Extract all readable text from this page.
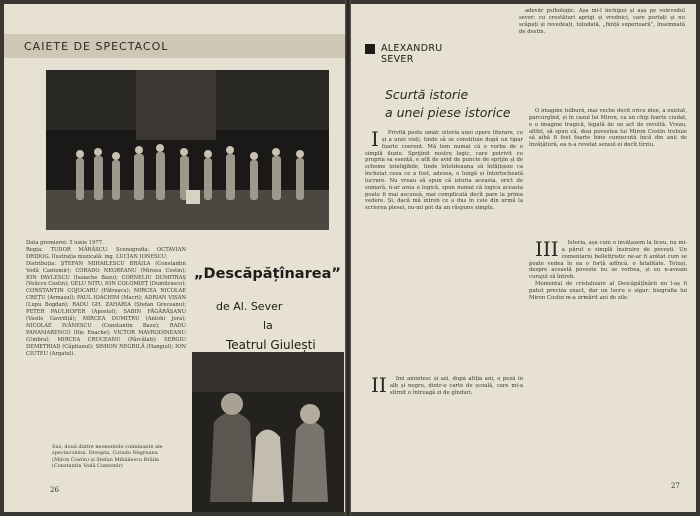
CAIETE DE SPECTACOL

Data premierei: 5 iunie 1977.

Regia: TUDOR MĂRĂSCU. Scenografia: OCTAVIAN DRIDOG. Ilustrația muzicală: ing. LUCIAN IONESCU.

Distribuția: ȘTEFAN MIHAILESCU BRĂILA (Constantin Vodă Cantemir); CORADO NEGREANU (Mireea Costin); ION PAVLESCU (Isaiache Bazu); CORNELIU DUMITRAȘ (Velicco Costin); GELU NIȚU, ION COLOMIEȚ (Dumitrasco); CONSTANTIN COJOCARU (Pătrașcu); MIRCEA NICOLAE CREȚU (Armașul); PAUL IOACHIM (Macri); ADRIAN VISAN (Lupu Bogdan); RADU GH. ZAHARIA (Ștefan Greceanu); PETER PAULHOFER (Apostol); SABIN FĂGĂRĂȘANU (Vasile Gavriliță); MIRCEA DUMITRU (Antohi Jora); NICOLAE IVĂNESCU (Constantin Bazu); RADU PANAMARENCO (Ilie Enache); VICTOR MAVRODINEANU (Umbra); MIRCEA CRUCEANU (Pârcălab); SERGIU DEMETRIAD (Căpitanul); SIMION NEGRILĂ (Hangiul); ION CIUTEU (Argatul).

„Descăpățînarea”
de Al. Sever
la
Teatrul Giulești
Sus, două dintre momentele culminante ale spectacolului. Dreapta, Corado Negreanu (Miron Costin) și Ștefan Mihăilescu Brăila (Constantin Vodă Cantemir)
26
ALEXANDRU
SEVER
Scurtă istorie
a unei piese istorice

adevăr psihologic. Așa mi-l închipui și așa pe voievodul sever: cu crestături aprigi și vrednici, care purtați și nu scăpați și revedeați, totodată, „ființă superioară”, însemnată de destin.

I Privită peste umăr, istoria unei opere literare, cu și a unei vieți, tinde să se constituie după un tipar foarte coerent. Mă tem numai că e vorba de o simplă iluzie. Sprijinit nostru logic, care potrivit cu propria sa esență, e atît de avid de puncte de sprijin și de scheme inteligibile, tinde întotdeauna să înfățișeze ca încheiat ceea ce a fost, adesea, o lungă și întortocheată lucrare. Nu vreau să spun că istoria aceasta, orict de sumară, n-ar avea o logică, spun numai că logica aceasta poate fi mai ascunsă, mai complicată decît pare la prima vedere. Și, dacă mă întreb ce a dus în cele din urmă la scrierea piesei, nu-mi pot da un răspuns simplu.

II Imi amintesc și azi, după atîția ani, o poză în alb și negru, dintr-o carte de școală, care mi-a stîrnit o întreagă zi de gînduri.

O imagine tulbură, mai veche decît orice idee, a existat, parcurgînd, și în cazul lui Miron, ca un chip foarte ciudat, e o imagine tragică, legată de un act de revoltă. Vreau, altfel, să spun că, deși povestea lui Miron Costin trebuie să aibă fi fost foarte bine cunoscută încă din anii de învățătură, ea n-a revelat sensul ei decît tîrziu.

III Istoria, așa cum o învățasem la liceu, nu mi-a părut o simplă însiruire de povești. Un comentariu bellettristic ne-ar fi arătat cum se poate vedea în ea o forță adîncă, o fatalitate. Totuși, despre această poveste nu se vorbea, și eu n-aveam curajul să întreb.

Momentul de cristalizare al Descăpățînării nu l-aș fi putut preciza exact, dar un lucru e sigur: biografia lui Miron Costin m-a urmărit ani de zile.

27
